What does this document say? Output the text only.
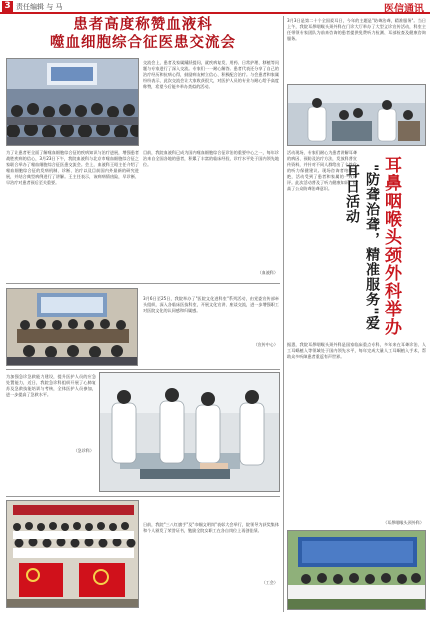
3 责任编辑 与 马	医信通讯
患者高度称赞血液科
噬血细胞综合征医患交流会
交流会上，患者及家属踊跃提问，就疾病复发、用药、日常护理、移植等问题与专家进行了深入交流。专家们一一耐心解答。患者代表还分享了自己的治疗经历和抗病心得，鼓励病友树立信心、积极配合治疗。与会患者和家属纷纷表示，此次交流会让大家收获很大，对医护人员的专业与耐心给予高度称赞，希望今后能多举办类似的活动。
为了让患者更全面了解噬血细胞综合征的疾病知识与治疗进展，增强患者战胜疾病的信心，3月23日下午，我院血液科与北京市噬血细胞综合征之家联合举办了噬血细胞综合征医患交流会。会上，血液科王昭主任介绍了噬血细胞综合征的发病机制、诊断、治疗以及目前国内外最新的研究进展，并结合典型病例进行了讲解。王主任表示，该病病情凶险，早诊断、早治疗对患者预后至关重要。
目前，我院血液科已成为国内噬血细胞综合征诊治的重要中心之一，每年诊治来自全国各地的患者，积累了丰富的临床经验，诊疗水平处于国内领先地位。
（血液科）
3月6日至25日，我院举办了"医院文化进科室"系列活动，由党委宣传部牵头组织，深入各临床医技科室，开展文化宣讲、座谈交流，进一步增强职工对医院文化的认同感和归属感。
（宣传中心）
为加强急诊急救能力建设，提升医护人员的应急处置能力，近日，我院急诊科组织开展了心肺复苏及急救技能培训与考核，全体医护人员参加，进一步提高了急救水平。
（急诊科）
日前，我院"三八红旗手"及"巾帼文明岗"表彰大会举行，院领导为获奖集体和个人颁发了荣誉证书，勉励全院女职工在各自岗位上再创佳绩。
（工会）
3月3日是第二十个全国爱耳日，今年的主题是"防聋治聋，精准服务"。当日上午，我院耳鼻咽喉头颈外科在门诊大厅举办了大型义诊宣传活动，科室主任带领专家团队为前来咨询的患者提供免费听力检测、耳部检查及健康咨询服务。
活动现场，专家们耐心为患者讲解耳聋的病因、预防及治疗方法，发放科普宣传资料，并针对不同人群给出了个性化的听力保健建议。现场咨询者络绎不绝，活动受到了患者和家属的一致好评。此次活动普及了听力健康知识，提高了公众防聋治聋意识。	耳鼻咽喉头颈外科举办
"防聋治聋，精准服务"爱耳日活动
据悉，我院耳鼻咽喉头颈外科是国家临床重点专科，多年来在耳聋诊治、人工耳蜗植入等领域处于国内领先水平，每年完成大量人工耳蜗植入手术，帮助众多听障患者重返有声世界。
（耳鼻咽喉头颈外科）
